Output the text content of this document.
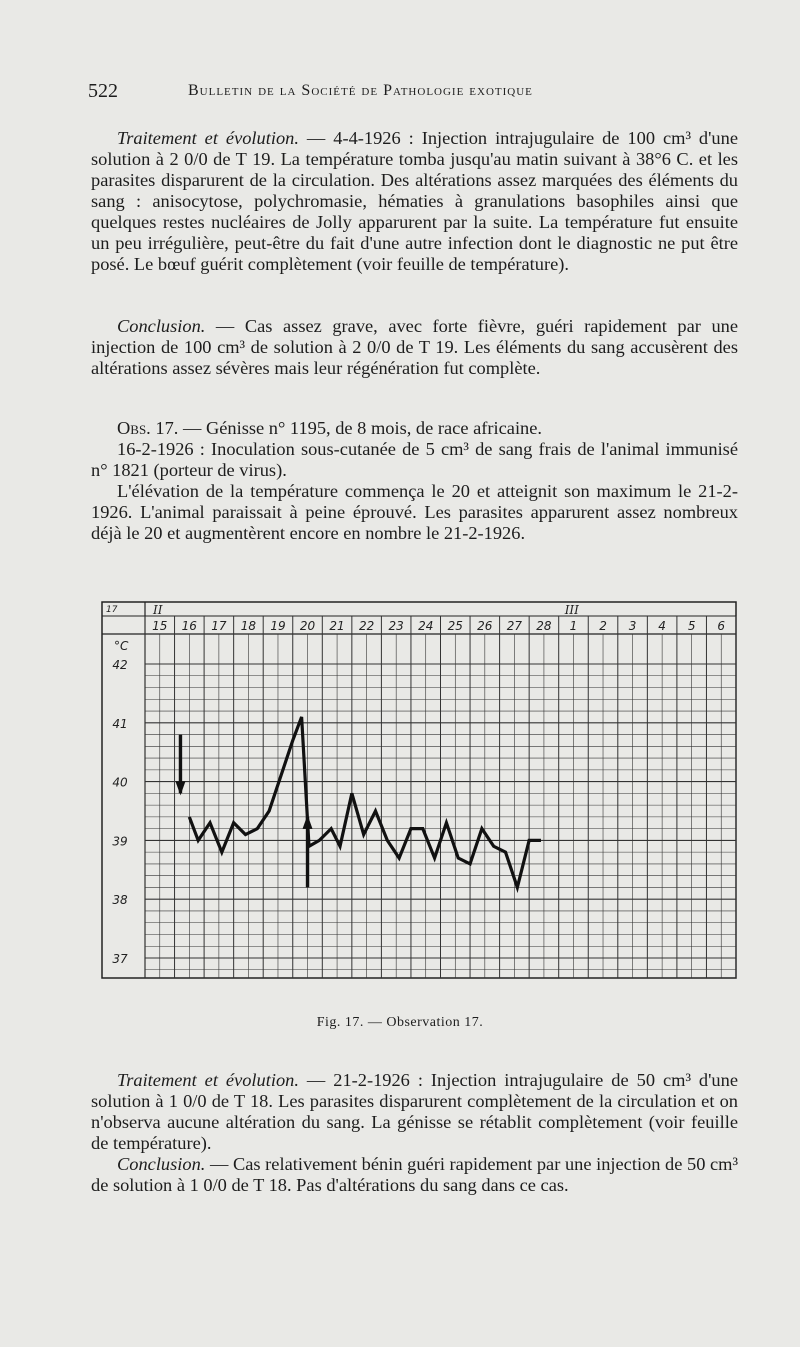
522	Bulletin de la Société de Pathologie exotique

Traitement et évolution. — 4-4-1926 : Injection intrajugulaire de 100 cm³ d'une solution à 2 0/0 de T 19. La température tomba jusqu'au matin suivant à 38°6 C. et les parasites disparurent de la circulation. Des altérations assez marquées des éléments du sang : anisocytose, polychromasie, hématies à granulations basophiles ainsi que quelques restes nucléaires de Jolly apparurent par la suite. La température fut ensuite un peu irrégulière, peut-être du fait d'une autre infection dont le diagnostic ne put être posé. Le bœuf guérit complètement (voir feuille de température).

Conclusion. — Cas assez grave, avec forte fièvre, guéri rapidement par une injection de 100 cm³ de solution à 2 0/0 de T 19. Les éléments du sang accusèrent des altérations assez sévères mais leur régénération fut complète.

Obs. 17. — Génisse n° 1195, de 8 mois, de race africaine.

16-2-1926 : Inoculation sous-cutanée de 5 cm³ de sang frais de l'animal immunisé n° 1821 (porteur de virus).

L'élévation de la température commença le 20 et atteignit son maximum le 21-2-1926. L'animal paraissait à peine éprouvé. Les parasites apparurent assez nombreux déjà le 20 et augmentèrent encore en nombre le 21-2-1926.

II	III
17
°C
15 16 17 18 19 20 21 22 23 24 25 26 27 28 1 2 3 4 5 6
42
41
40
39
38
37
Fig. 17. — Observation 17.

Traitement et évolution. — 21-2-1926 : Injection intrajugulaire de 50 cm³ d'une solution à 1 0/0 de T 18. Les parasites disparurent complètement de la circulation et on n'observa aucune altération du sang. La génisse se rétablit complètement (voir feuille de température).

Conclusion. — Cas relativement bénin guéri rapidement par une injection de 50 cm³ de solution à 1 0/0 de T 18. Pas d'altérations du sang dans ce cas.
